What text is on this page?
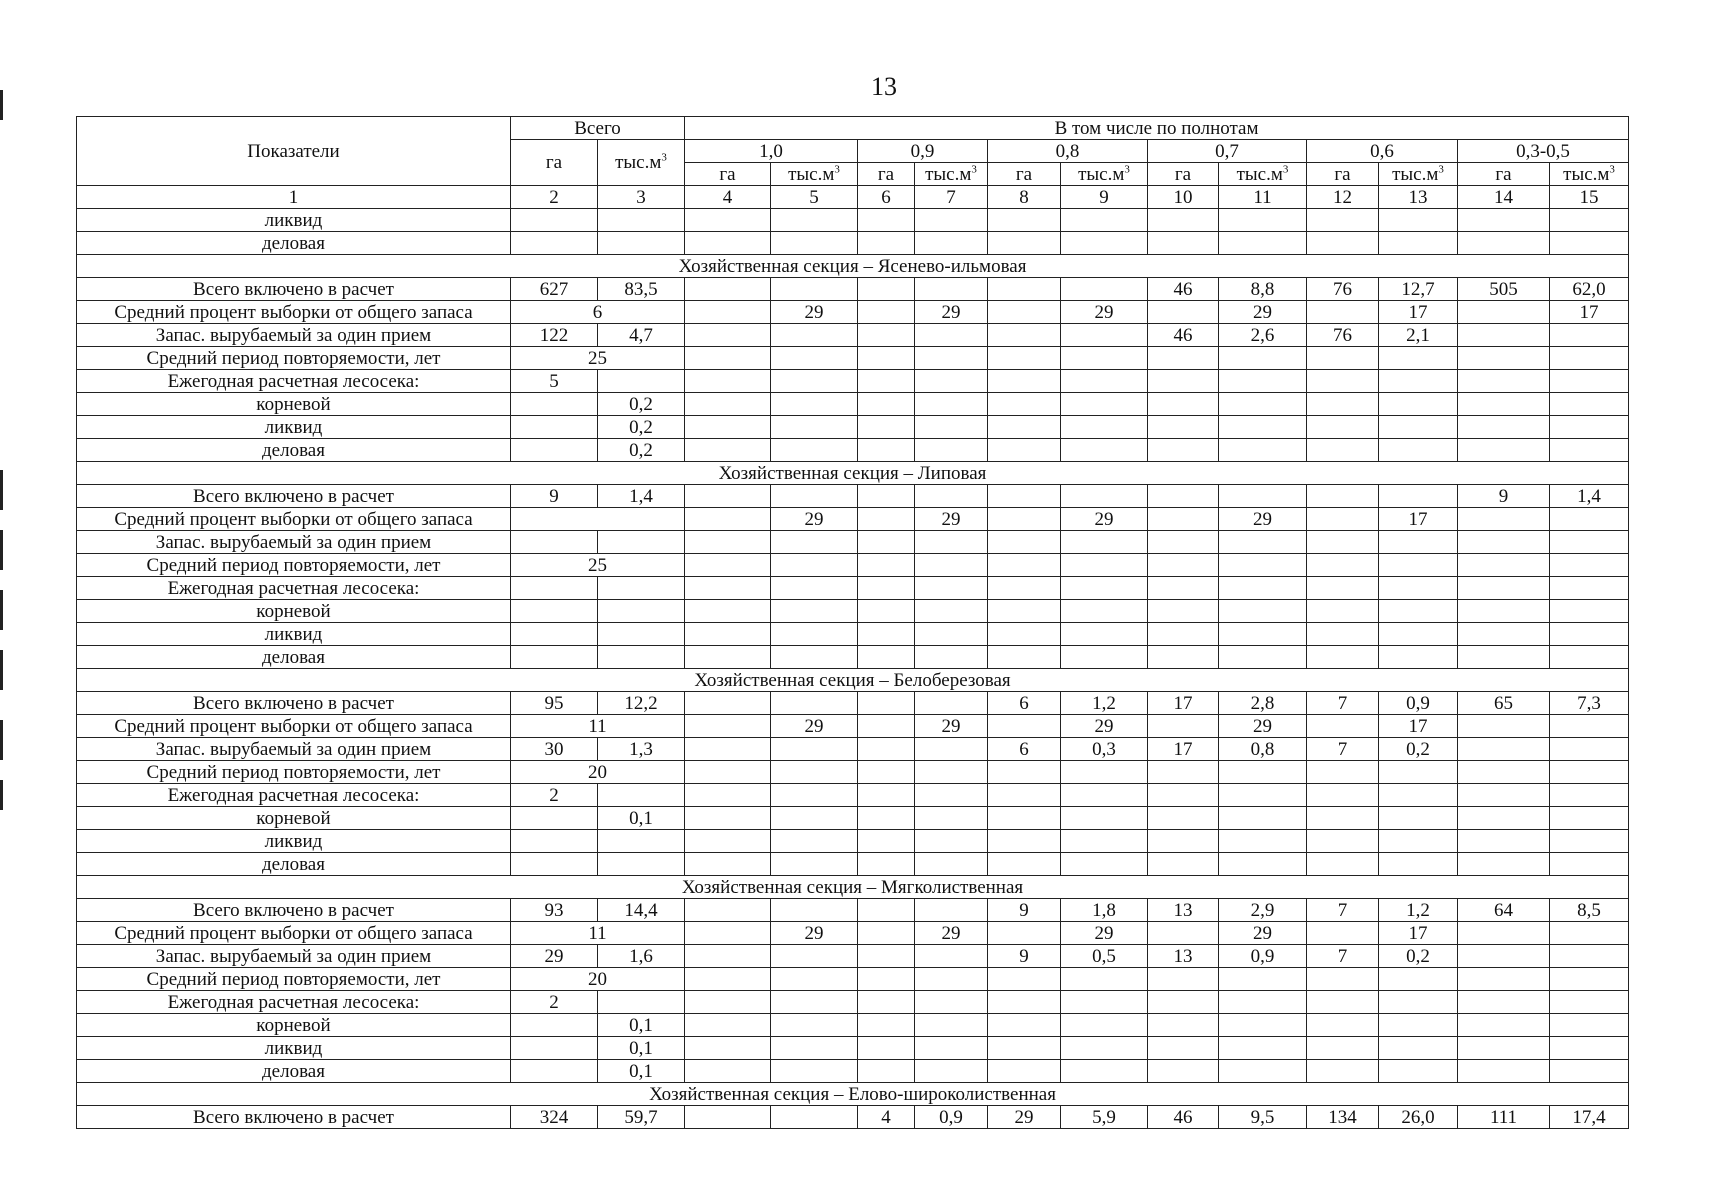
13
Показатели	Всего		В том числе по полнотам											
	га	$тыс.м^3$	1,0		0,9		0,8		0,7		0,6		0,3-0,5	
			га	$тыс.м^3$	га	$тыс.м^3$	га	$тыс.м^3$	га	$тыс.м^3$	га	$тыс.м^3$	га	$тыс.м^3$
1	2	3	4	5	6	7	8	9	10	11	12	13	14	15
ликвид														
деловая														
Хозяйственная секция – Ясенево-ильмовая														
Всего включено в расчет	627	83,5							46	8,8	76	12,7	505	62,0
Средний процент выборки от общего запаса	6			29		29		29		29		17		17
Запас. вырубаемый за один прием	122	4,7							46	2,6	76	2,1		
Средний период повторяемости, лет	25													
Ежегодная расчетная лесосека:	5													
корневой		0,2												
ликвид		0,2												
деловая		0,2												
Хозяйственная секция – Липовая														
Всего включено в расчет	9	1,4											9	1,4
Средний процент выборки от общего запаса				29		29		29		29		17		
Запас. вырубаемый за один прием														
Средний период повторяемости, лет	25													
Ежегодная расчетная лесосека:														
корневой														
ликвид														
деловая														
Хозяйственная секция – Белоберезовая														
Всего включено в расчет	95	12,2					6	1,2	17	2,8	7	0,9	65	7,3
Средний процент выборки от общего запаса	11			29		29		29		29		17		
Запас. вырубаемый за один прием	30	1,3					6	0,3	17	0,8	7	0,2		
Средний период повторяемости, лет	20													
Ежегодная расчетная лесосека:	2													
корневой		0,1												
ликвид														
деловая														
Хозяйственная секция – Мягколиственная														
Всего включено в расчет	93	14,4					9	1,8	13	2,9	7	1,2	64	8,5
Средний процент выборки от общего запаса	11			29		29		29		29		17		
Запас. вырубаемый за один прием	29	1,6					9	0,5	13	0,9	7	0,2		
Средний период повторяемости, лет	20													
Ежегодная расчетная лесосека:	2													
корневой		0,1												
ликвид		0,1												
деловая		0,1												
Хозяйственная секция – Елово-широколиственная														
Всего включено в расчет	324	59,7			4	0,9	29	5,9	46	9,5	134	26,0	111	17,4
